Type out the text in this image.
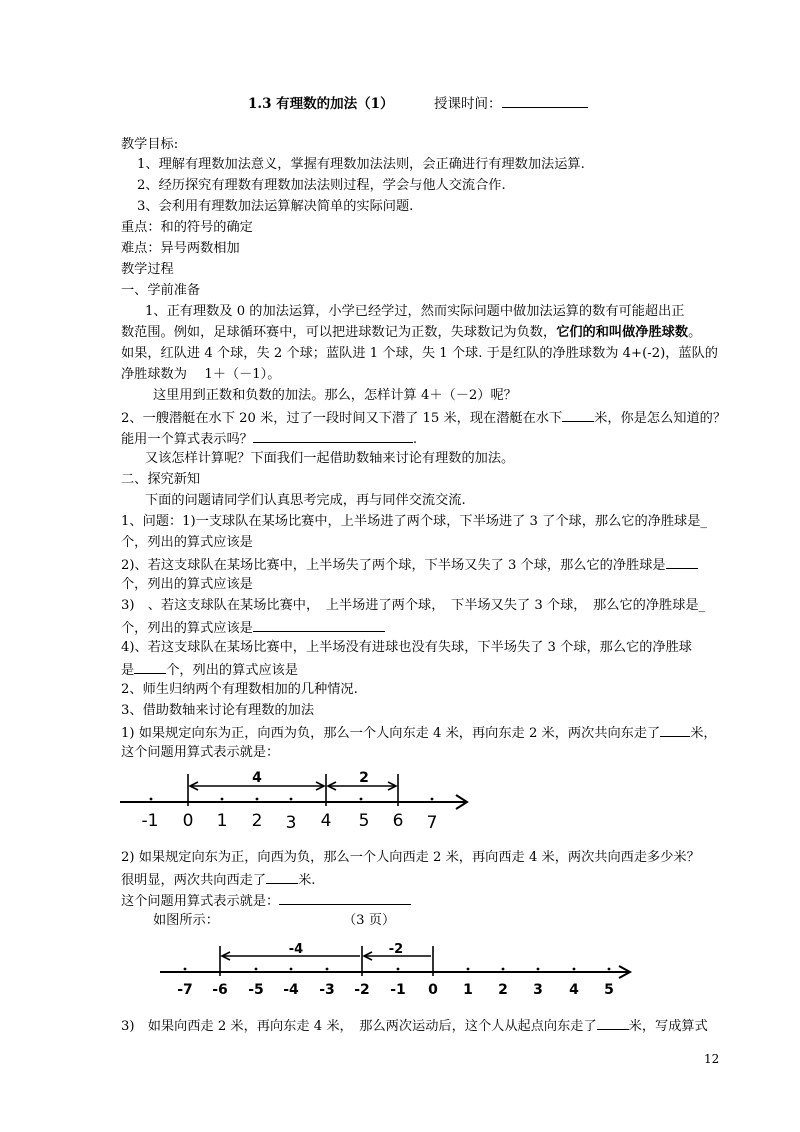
1.3 有理数的加法（1）	授课时间：
教学目标:
1、理解有理数加法意义，掌握有理数加法法则，会正确进行有理数加法运算.
2、经历探究有理数有理数加法法则过程，学会与他人交流合作.
3、会利用有理数加法运算解决简单的实际问题.
重点：和的符号的确定
难点：异号两数相加
教学过程
一、学前准备
1、正有理数及 0 的加法运算，小学已经学过，然而实际问题中做加法运算的数有可能超出正
数范围。例如，足球循环赛中，可以把进球数记为正数，失球数记为负数，它们的和叫做净胜球数。
如果，红队进 4 个球，失 2 个球；蓝队进 1 个球，失 1 个球. 于是红队的净胜球数为 4+(-2)，蓝队的
净胜球数为　 1＋（－1）。
这里用到正数和负数的加法。那么，怎样计算 4＋（－2）呢？
2、一艘潜艇在水下 20 米，过了一段时间又下潜了 15 米，现在潜艇在水下 米，你是怎么知道的？
能用一个算式表示吗？	.
又该怎样计算呢？下面我们一起借助数轴来讨论有理数的加法。
二、探究新知
下面的问题请同学们认真思考完成，再与同伴交流交流.
1、问题：1)一支球队在某场比赛中，上半场进了两个球，下半场进了 3 了个球，那么它的净胜球是_
个，列出的算式应该是
2)、若这支球队在某场比赛中，上半场失了两个球，下半场又失了 3 个球，那么它的净胜球是
个，列出的算式应该是
3)　、若这支球队在某场比赛中，　上半场进了两个球，　下半场又失了 3 个球，　那么它的净胜球是_
个，列出的算式应该是
4)、若这支球队在某场比赛中，上半场没有进球也没有失球，下半场失了 3 个球，那么它的净胜球
是 个，列出的算式应该是
2、师生归纳两个有理数相加的几种情况.
3、借助数轴来讨论有理数的加法
1) 如果规定向东为正，向西为负，那么一个人向东走 4 米，再向东走 2 米，两次共向东走了 米，
这个问题用算式表示就是：
4	2
-1 0 1 2 3 4 5 6 7
2) 如果规定向东为正，向西为负，那么一个人向西走 2 米，再向西走 4 米，两次共向西走多少米？
很明显，两次共向西走了 米.
这个问题用算式表示就是：
如图所示：	（3 页）
-4	-2
-7 -6 -5 -4 -3 -2 -1 0 1 2 3 4 5
3)　如果向西走 2 米，再向东走 4 米，　那么两次运动后，这个人从起点向东走了 米，写成算式
12
